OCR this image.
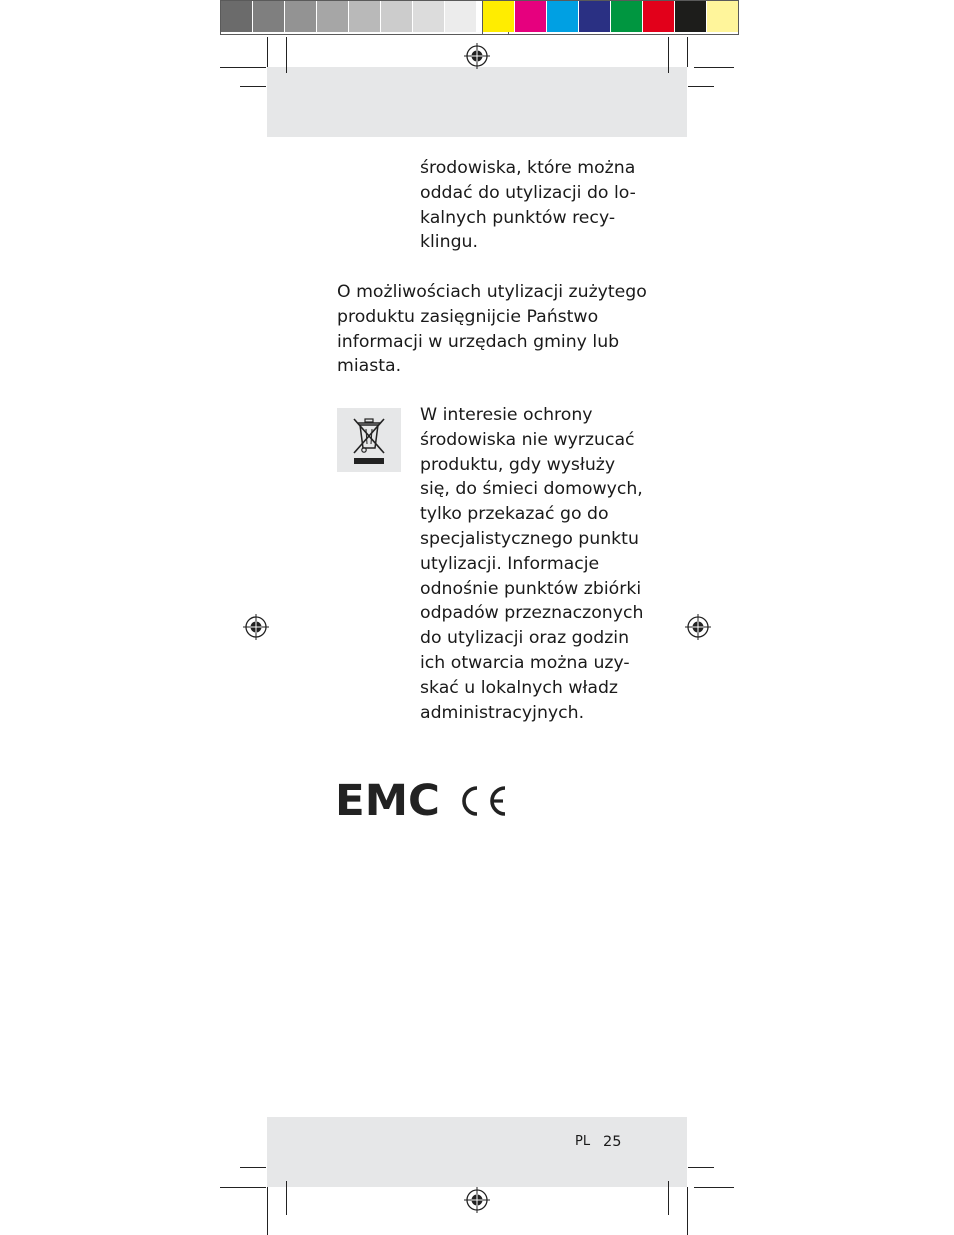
środowiska, które można
oddać do utylizacji do lo-
kalnych punktów recy-
klingu.
O możliwościach utylizacji zużytego
produktu zasięgnijcie Państwo
informacji w urzędach gminy lub
miasta.
W interesie ochrony
środowiska nie wyrzucać
produktu, gdy wysłuży
się, do śmieci domowych,
tylko przekazać go do
specjalistycznego punktu
utylizacji. Informacje
odnośnie punktów zbiórki
odpadów przeznaczonych
do utylizacji oraz godzin
ich otwarcia można uzy-
skać u lokalnych władz
administracyjnych.
EMC
PL 25
